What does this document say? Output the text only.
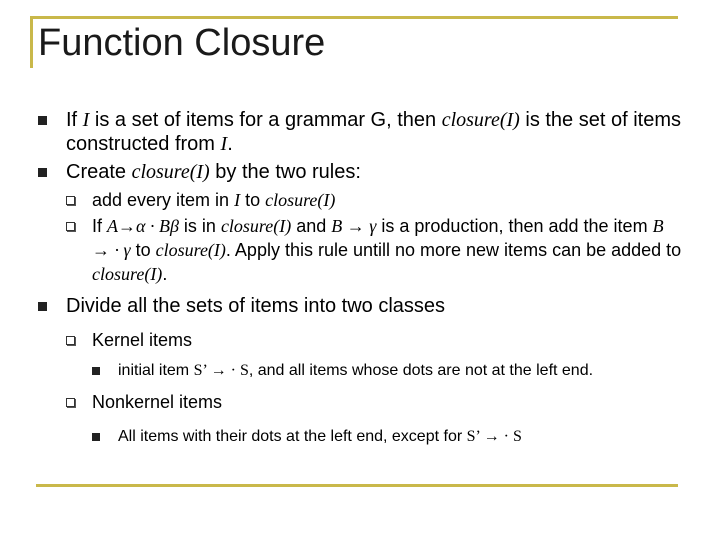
Function Closure
If I is a set of items for a grammar G, then closure(I) is the set of items constructed from I.
Create closure(I) by the two rules:
add every item in I to closure(I)
If A→α · Bβ is in closure(I) and B → γ is a production, then add the item B → · γ to closure(I). Apply this rule untill no more new items can be added to closure(I).
Divide all the sets of items into two classes
Kernel items
initial item S’ → · S, and all items whose dots are not at the left end.
Nonkernel items
All items with their dots at the left end, except for S’ → · S
